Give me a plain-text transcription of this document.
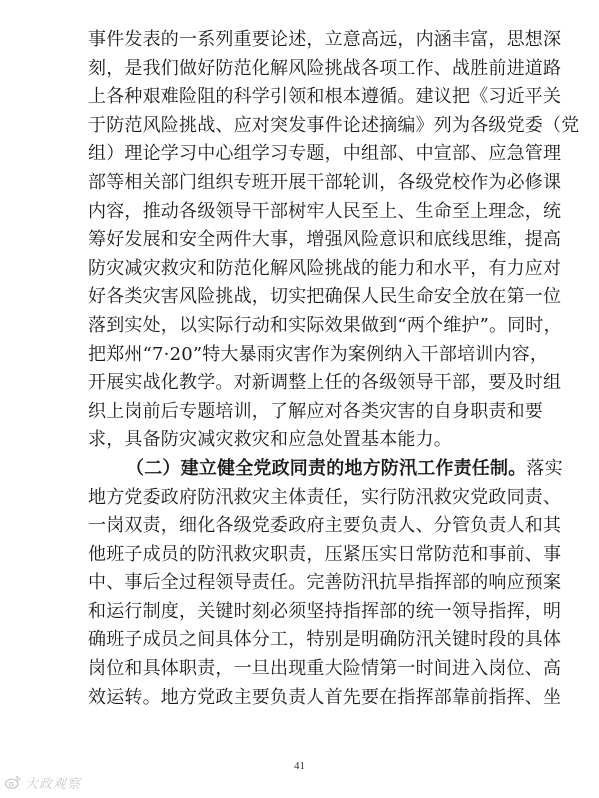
事件发表的一系列重要论述，立意高远，内涵丰富，思想深
刻，是我们做好防范化解风险挑战各项工作、战胜前进道路
上各种艰难险阻的科学引领和根本遵循。建议把《习近平关
于防范风险挑战、应对突发事件论述摘编》列为各级党委（党
组）理论学习中心组学习专题，中组部、中宣部、应急管理
部等相关部门组织专班开展干部轮训，各级党校作为必修课
内容，推动各级领导干部树牢人民至上、生命至上理念，统
筹好发展和安全两件大事，增强风险意识和底线思维，提高
防灾减灾救灾和防范化解风险挑战的能力和水平，有力应对
好各类灾害风险挑战，切实把确保人民生命安全放在第一位
落到实处，以实际行动和实际效果做到“两个维护”。同时，
把郑州“7·20”特大暴雨灾害作为案例纳入干部培训内容，
开展实战化教学。对新调整上任的各级领导干部，要及时组
织上岗前后专题培训，了解应对各类灾害的自身职责和要
求，具备防灾减灾救灾和应急处置基本能力。
（二）建立健全党政同责的地方防汛工作责任制。落实
地方党委政府防汛救灾主体责任，实行防汛救灾党政同责、
一岗双责，细化各级党委政府主要负责人、分管负责人和其
他班子成员的防汛救灾职责，压紧压实日常防范和事前、事
中、事后全过程领导责任。完善防汛抗旱指挥部的响应预案
和运行制度，关键时刻必须坚持指挥部的统一领导指挥，明
确班子成员之间具体分工，特别是明确防汛关键时段的具体
岗位和具体职责，一旦出现重大险情第一时间进入岗位、高
效运转。地方党政主要负责人首先要在指挥部靠前指挥、坐
41
大政观察
